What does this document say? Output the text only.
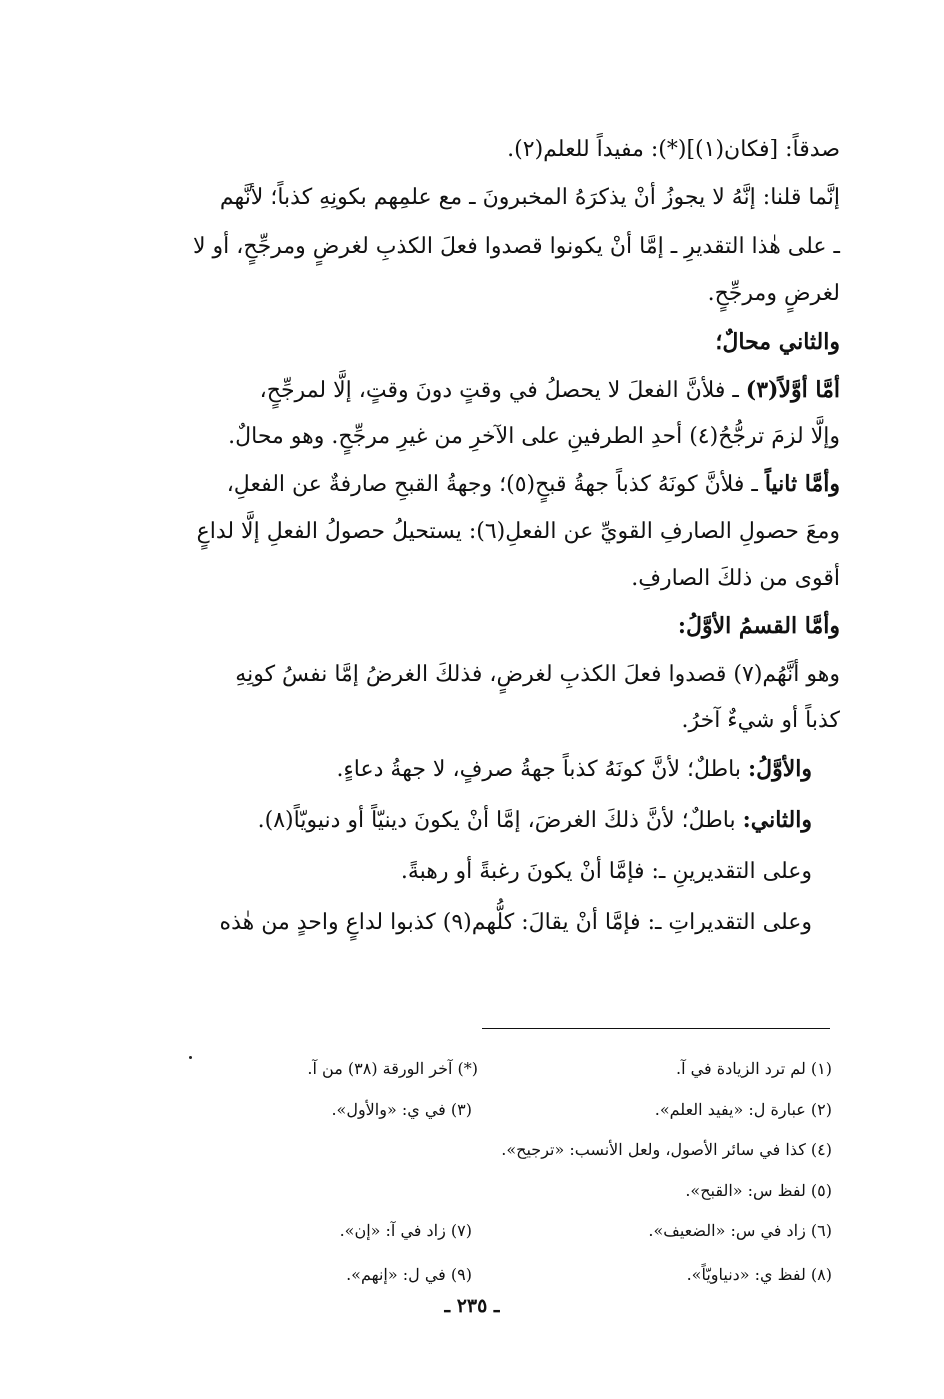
صدقاً: [فكان(١)](*): مفيداً للعلم(٢).
إنَّما قلنا: إنَّهُ لا يجوزُ أنْ يذكرَهُ المخبرونَ ـ مع علمِهم بكونِهِ كذباً؛ لأنَّهم
ـ على هٰذا التقديرِ ـ إمَّا أنْ يكونوا قصدوا فعلَ الكذبِ لغرضٍ ومرجِّحٍ، أو لا
لغرضٍ ومرجِّحٍ.
والثاني محالٌ؛
أمَّا أوَّلاً(٣) ـ فلأنَّ الفعلَ لا يحصلُ في وقتٍ دونَ وقتٍ، إلَّا لمرجِّحٍ،
وإلَّا لزمَ ترجُّحُ(٤) أحدِ الطرفينِ على الآخرِ من غيرِ مرجِّحٍ. وهو محالٌ.
وأمَّا ثانياً ـ فلأنَّ كونَهُ كذباً جهةُ قبحٍ(٥)؛ وجهةُ القبحِ صارفةٌ عن الفعلِ،
ومعَ حصولِ الصارفِ القويِّ عن الفعلِ(٦): يستحيلُ حصولُ الفعلِ إلَّا لداعٍ
أقوى من ذلكَ الصارفِ.
وأمَّا القسمُ الأوَّلُ:
وهو أنَّهُم(٧) قصدوا فعلَ الكذبِ لغرضٍ، فذلكَ الغرضُ إمَّا نفسُ كونِهِ
كذباً أو شيءٌ آخرُ.
والأوَّلُ: باطلٌ؛ لأنَّ كونَهُ كذباً جهةُ صرفٍ، لا جهةُ دعاءٍ.
والثاني: باطلٌ؛ لأنَّ ذلكَ الغرضَ، إمَّا أنْ يكونَ دينيّاً أو دنيويّاً(٨).
وعلى التقديرينِ ـ: فإمَّا أنْ يكونَ رغبةً أو رهبةً.
وعلى التقديراتِ ـ: فإمَّا أنْ يقالَ: كلُّهم(٩) كذبوا لداعٍ واحدٍ من هٰذه
(١) لم ترد الزيادة في آ.
(*) آخر الورقة (٣٨) من آ.
(٢) عبارة ل: «يفيد العلم».
(٣) في ي: «والأول».
(٤) كذا في سائر الأصول، ولعل الأنسب: «ترجيح».
(٥) لفظ س: «القبح».
(٦) زاد في س: «الضعيف».
(٧) زاد في آ: «إن».
(٨) لفظ ي: «دنياويّاً».
(٩) في ل: «إنهم».
ـ ٢٣٥ ـ
